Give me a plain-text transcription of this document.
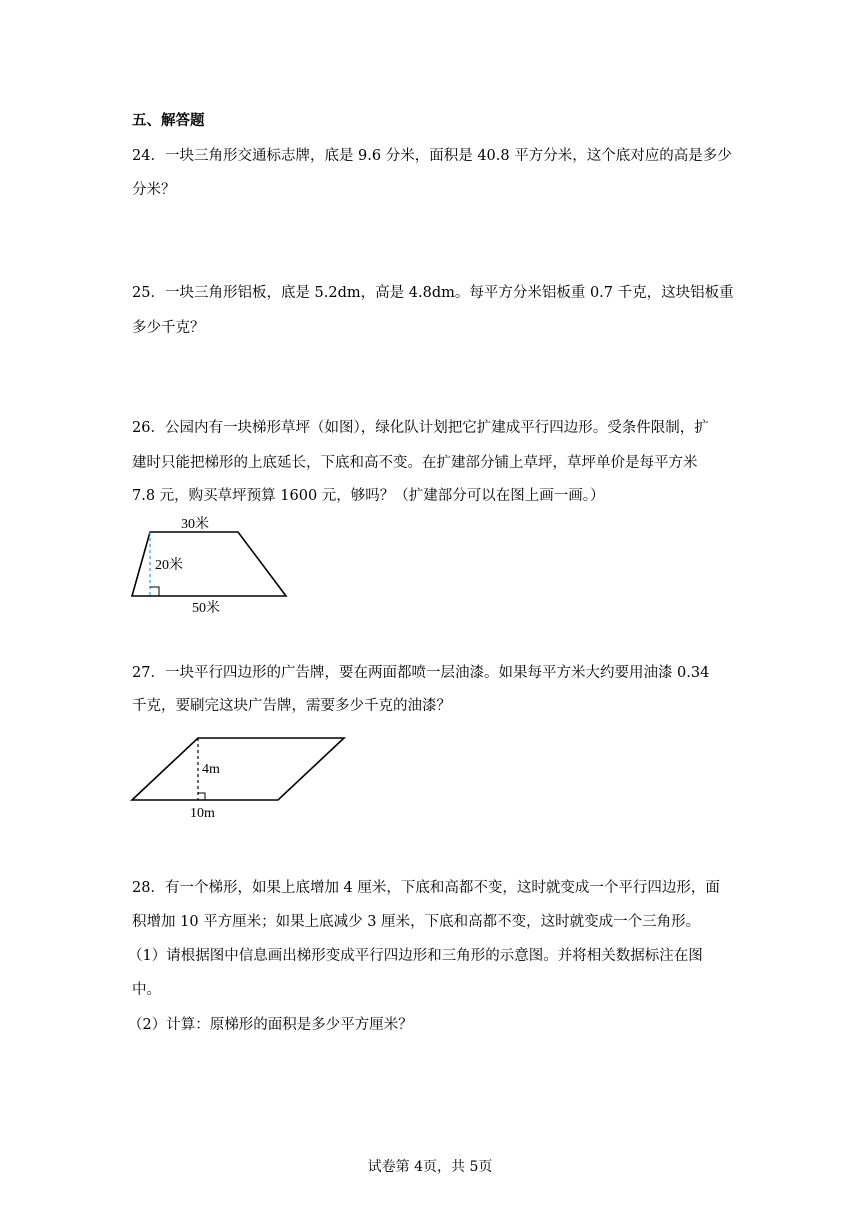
五、解答题

24．一块三角形交通标志牌，底是 9.6 分米，面积是 40.8 平方分米，这个底对应的高是多少

分米？

25．一块三角形铝板，底是 5.2dm，高是 4.8dm。每平方分米铝板重 0.7 千克，这块铝板重

多少千克？

26．公园内有一块梯形草坪（如图），绿化队计划把它扩建成平行四边形。受条件限制，扩

建时只能把梯形的上底延长，下底和高不变。在扩建部分铺上草坪，草坪单价是每平方米

7.8 元，购买草坪预算 1600 元，够吗？（扩建部分可以在图上画一画。）

30米
20米
50米

27．一块平行四边形的广告牌，要在两面都喷一层油漆。如果每平方米大约要用油漆 0.34

千克，要刷完这块广告牌，需要多少千克的油漆？

4m
10m

28．有一个梯形，如果上底增加 4 厘米，下底和高都不变，这时就变成一个平行四边形，面

积增加 10 平方厘米；如果上底减少 3 厘米，下底和高都不变，这时就变成一个三角形。

（1）请根据图中信息画出梯形变成平行四边形和三角形的示意图。并将相关数据标注在图

中。

（2）计算：原梯形的面积是多少平方厘米？

试卷第 4页，共 5页
